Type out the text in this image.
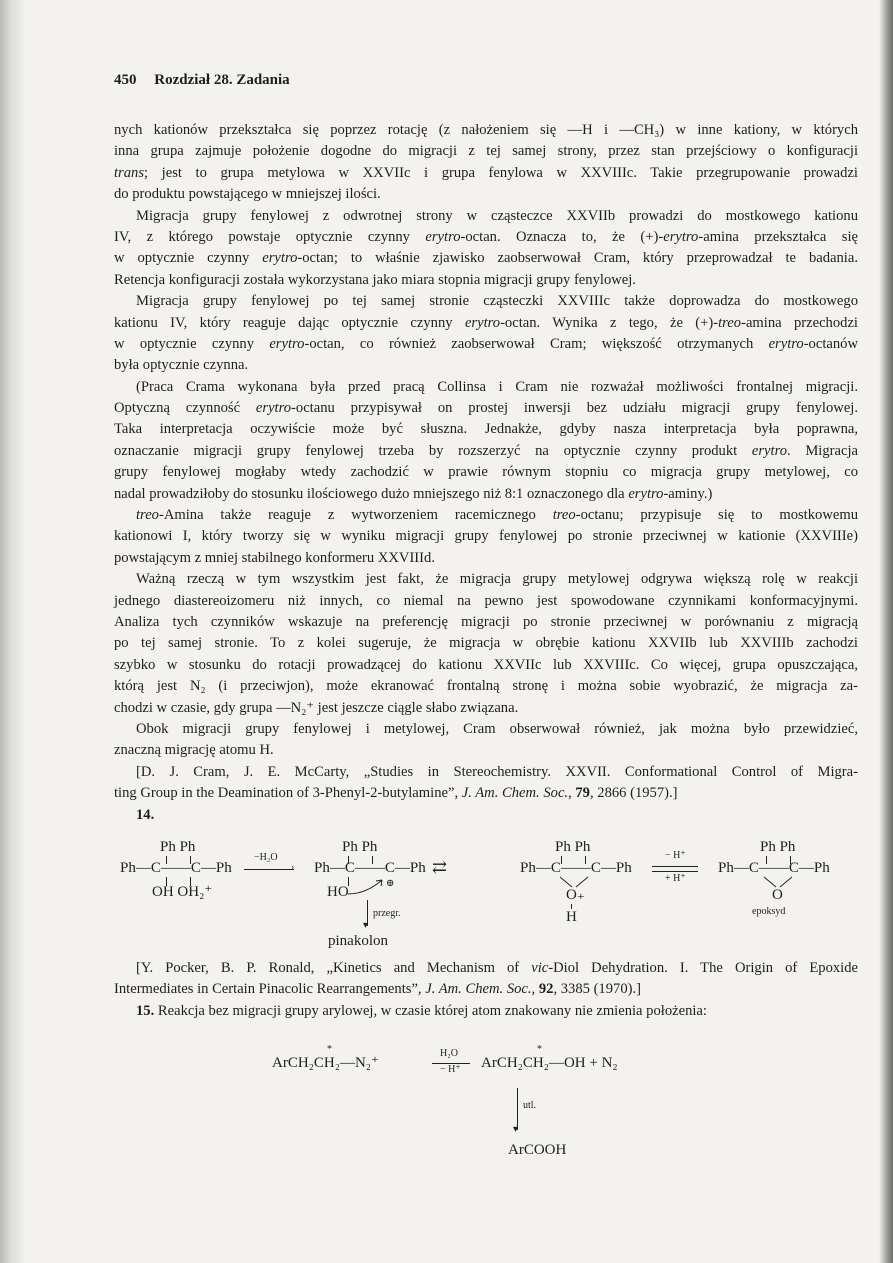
450 Rozdział 28. Zadania
nych kationów przekształca się poprzez rotację (z nałożeniem się —H i —CH₃) w inne kationy, w których
inna grupa zajmuje położenie dogodne do migracji z tej samej strony, przez stan przejściowy o konfiguracji
trans; jest to grupa metylowa w XXVIIc i grupa fenylowa w XXVIIIc. Takie przegrupowanie prowadzi
do produktu powstającego w mniejszej ilości.
Migracja grupy fenylowej z odwrotnej strony w cząsteczce XXVIIb prowadzi do mostkowego kationu
IV, z którego powstaje optycznie czynny erytro-octan. Oznacza to, że (+)-erytro-amina przekształca się
w optycznie czynny erytro-octan; to właśnie zjawisko zaobserwował Cram, który przeprowadzał te badania.
Retencja konfiguracji została wykorzystana jako miara stopnia migracji grupy fenylowej.
Migracja grupy fenylowej po tej samej stronie cząsteczki XXVIIIc także doprowadza do mostkowego
kationu IV, który reaguje dając optycznie czynny erytro-octan. Wynika z tego, że (+)-treo-amina przechodzi
w optycznie czynny erytro-octan, co również zaobserwował Cram; większość otrzymanych erytro-octanów
była optycznie czynna.
(Praca Crama wykonana była przed pracą Collinsa i Cram nie rozważał możliwości frontalnej migracji.
Optyczną czynność erytro-octanu przypisywał on prostej inwersji bez udziału migracji grupy fenylowej.
Taka interpretacja oczywiście może być słuszna. Jednakże, gdyby nasza interpretacja była poprawna,
oznaczanie migracji grupy fenylowej trzeba by rozszerzyć na optycznie czynny produkt erytro. Migracja
grupy fenylowej mogłaby wtedy zachodzić w prawie równym stopniu co migracja grupy metylowej, co
nadal prowadziłoby do stosunku ilościowego dużo mniejszego niż 8:1 oznaczonego dla erytro-aminy.)
treo-Amina także reaguje z wytworzeniem racemicznego treo-octanu; przypisuje się to mostkowemu
kationowi I, który tworzy się w wyniku migracji grupy fenylowej po stronie przeciwnej w kationie (XXVIIIe)
powstającym z mniej stabilnego konformeru XXVIIId.
Ważną rzeczą w tym wszystkim jest fakt, że migracja grupy metylowej odgrywa większą rolę w reakcji
jednego diastereoizomeru niż innych, co niemal na pewno jest spowodowane czynnikami konformacyjnymi.
Analiza tych czynników wskazuje na preferencję migracji po stronie przeciwnej w porównaniu z migracją
po tej samej stronie. To z kolei sugeruje, że migracja w obrębie kationu XXVIIb lub XXVIIIb zachodzi
szybko w stosunku do rotacji prowadzącej do kationu XXVIIc lub XXVIIIc. Co więcej, grupa opuszczająca,
którą jest N₂ (i przeciwjon), może ekranować frontalną stronę i można sobie wyobrazić, że migracja za-
chodzi w czasie, gdy grupa —N₂⁺ jest jeszcze ciągle słabo związana.
Obok migracji grupy fenylowej i metylowej, Cram obserwował również, jak można było przewidzieć,
znaczną migrację atomu H.
[D. J. Cram, J. E. McCarty, „Studies in Stereochemistry. XXVII. Conformational Control of Migra-
ting Group in the Deamination of 3-Phenyl-2-butylamine”, J. Am. Chem. Soc., 79, 2866 (1957).]
14.
Ph Ph
Ph—C——C—Ph
OH OH₂⁺
−H₂O
›
Ph Ph
Ph—C——C—Ph
⊕
HO
▾
przegr.
pinakolon
⇄
Ph Ph
Ph—C——C—Ph
O₊
H
− H⁺
+ H⁺
Ph Ph
Ph—C——C—Ph
O
epoksyd
[Y. Pocker, B. P. Ronald, „Kinetics and Mechanism of vic-Diol Dehydration. I. The Origin of Epoxide
Intermediates in Certain Pinacolic Rearrangements”, J. Am. Chem. Soc., 92, 3385 (1970).]
15. Reakcja bez migracji grupy arylowej, w czasie której atom znakowany nie zmienia położenia:
*
ArCH₂CH₂—N₂⁺
H₂O
− H⁺
*
ArCH₂CH₂—OH + N₂
▾
utl.
ArCOOH
